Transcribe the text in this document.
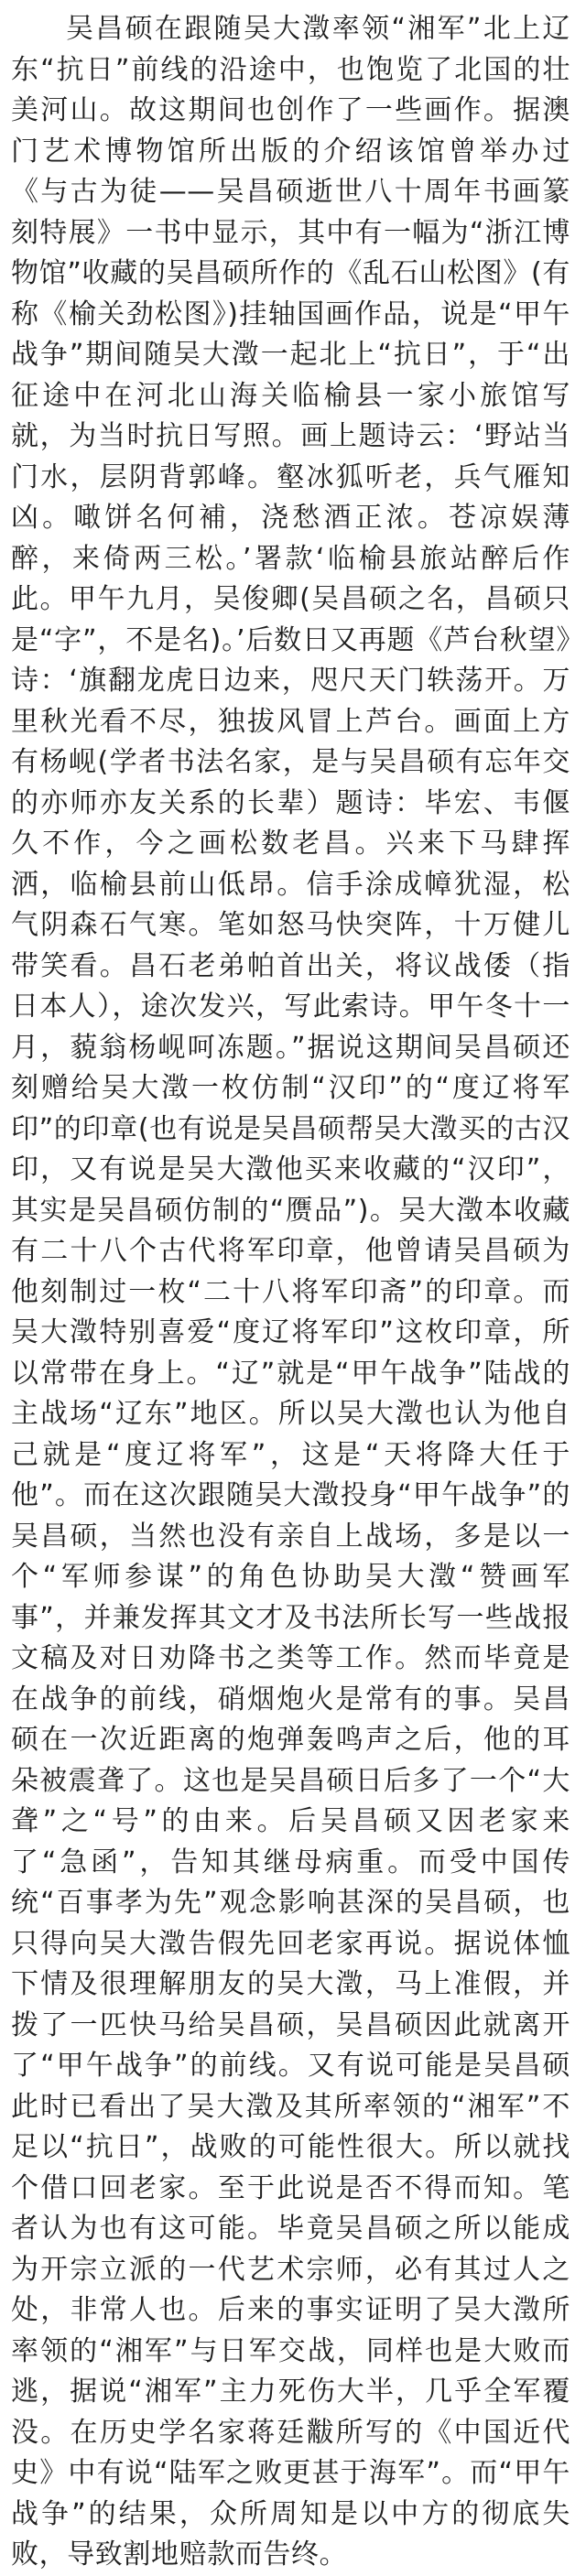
吴昌硕在跟随吴大澂率领“湘军”北上辽东“抗日”前线的沿途中，也饱览了北国的壮美河山。故这期间也创作了一些画作。据澳门艺术博物馆所出版的介绍该馆曾举办过《与古为徒——吴昌硕逝世八十周年书画篆刻特展》一书中显示，其中有一幅为“浙江博物馆”收藏的吴昌硕所作的《乱石山松图》(有称《榆关劲松图》)挂轴国画作品，说是“甲午战争”期间随吴大澂一起北上“抗日”，于“出征途中在河北山海关临榆县一家小旅馆写就，为当时抗日写照。画上题诗云：‘野站当门水，层阴背郭峰。壑冰狐听老，兵气雁知凶。噉饼名何補，浇愁酒正浓。苍凉娱薄醉，来倚两三松。’署款‘临榆县旅站醉后作此。甲午九月，吴俊卿(吴昌硕之名，昌硕只是“字”，不是名)。’后数日又再题《芦台秋望》诗：‘旗翻龙虎日边来，咫尺天门轶荡开。万里秋光看不尽，独拔风冒上芦台。画面上方有杨岘(学者书法名家，是与吴昌硕有忘年交的亦师亦友关系的长辈）题诗：毕宏、韦偃久不作，今之画松数老昌。兴来下马肆挥洒，临榆县前山低昂。信手涂成幛犹湿，松气阴森石气寒。笔如怒马快突阵，十万健儿带笑看。昌石老弟帕首出关，将议战倭（指日本人），途次发兴，写此索诗。甲午冬十一月，藐翁杨岘呵冻题。”据说这期间吴昌硕还刻赠给吴大澂一枚仿制“汉印”的“度辽将军印”的印章(也有说是吴昌硕帮吴大澂买的古汉印，又有说是吴大澂他买来收藏的“汉印”，其实是吴昌硕仿制的“赝品”)。吴大澂本收藏有二十八个古代将军印章，他曾请吴昌硕为他刻制过一枚“二十八将军印斋”的印章。而吴大澂特别喜爱“度辽将军印”这枚印章，所以常带在身上。“辽”就是“甲午战争”陆战的主战场“辽东”地区。所以吴大澂也认为他自己就是“度辽将军”，这是“天将降大任于他”。而在这次跟随吴大澂投身“甲午战争”的吴昌硕，当然也没有亲自上战场，多是以一个“军师参谋”的角色协助吴大澂“赞画军事”，并兼发挥其文才及书法所长写一些战报文稿及对日劝降书之类等工作。然而毕竟是在战争的前线，硝烟炮火是常有的事。吴昌硕在一次近距离的炮弹轰鸣声之后，他的耳朵被震聋了。这也是吴昌硕日后多了一个“大聋”之“号”的由来。后吴昌硕又因老家来了“急函”，告知其继母病重。而受中国传统“百事孝为先”观念影响甚深的吴昌硕，也只得向吴大澂告假先回老家再说。据说体恤下情及很理解朋友的吴大澂，马上准假，并拨了一匹快马给吴昌硕，吴昌硕因此就离开了“甲午战争”的前线。又有说可能是吴昌硕此时已看出了吴大澂及其所率领的“湘军”不足以“抗日”，战败的可能性很大。所以就找个借口回老家。至于此说是否不得而知。笔者认为也有这可能。毕竟吴昌硕之所以能成为开宗立派的一代艺术宗师，必有其过人之处，非常人也。后来的事实证明了吴大澂所率领的“湘军”与日军交战，同样也是大败而逃，据说“湘军”主力死伤大半，几乎全军覆没。在历史学名家蒋廷黻所写的《中国近代史》中有说“陆军之败更甚于海军”。而“甲午战争”的结果，众所周知是以中方的彻底失败，导致割地赔款而告终。
